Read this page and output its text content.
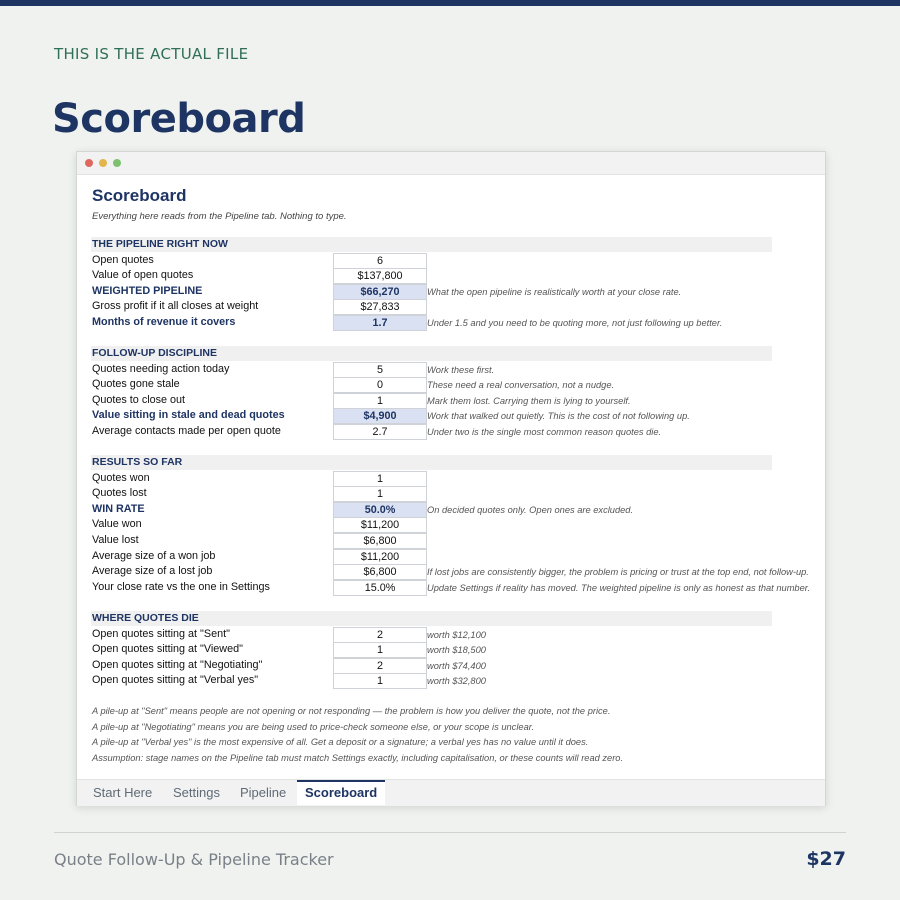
THIS IS THE ACTUAL FILE
Scoreboard
Scoreboard
Everything here reads from the Pipeline tab. Nothing to type.
THE PIPELINE RIGHT NOW
Open quotes	6
Value of open quotes	$137,800
WEIGHTED PIPELINE	$66,270	What the open pipeline is realistically worth at your close rate.
Gross profit if it all closes at weight	$27,833
Months of revenue it covers	1.7	Under 1.5 and you need to be quoting more, not just following up better.
FOLLOW-UP DISCIPLINE
Quotes needing action today	5	Work these first.
Quotes gone stale	0	These need a real conversation, not a nudge.
Quotes to close out	1	Mark them lost. Carrying them is lying to yourself.
Value sitting in stale and dead quotes	$4,900	Work that walked out quietly. This is the cost of not following up.
Average contacts made per open quote	2.7	Under two is the single most common reason quotes die.
RESULTS SO FAR
Quotes won	1
Quotes lost	1
WIN RATE	50.0%	On decided quotes only. Open ones are excluded.
Value won	$11,200
Value lost	$6,800
Average size of a won job	$11,200
Average size of a lost job	$6,800	If lost jobs are consistently bigger, the problem is pricing or trust at the top end, not follow-up.
Your close rate vs the one in Settings	15.0%	Update Settings if reality has moved. The weighted pipeline is only as honest as that number.
WHERE QUOTES DIE
Open quotes sitting at "Sent"	2	worth $12,100
Open quotes sitting at "Viewed"	1	worth $18,500
Open quotes sitting at "Negotiating"	2	worth $74,400
Open quotes sitting at "Verbal yes"	1	worth $32,800
A pile-up at "Sent" means people are not opening or not responding — the problem is how you deliver the quote, not the price.
A pile-up at "Negotiating" means you are being used to price-check someone else, or your scope is unclear.
A pile-up at "Verbal yes" is the most expensive of all. Get a deposit or a signature; a verbal yes has no value until it does.
Assumption: stage names on the Pipeline tab must match Settings exactly, including capitalisation, or these counts will read zero.
Start Here	Settings	Pipeline	Scoreboard
Quote Follow-Up & Pipeline Tracker	$27
